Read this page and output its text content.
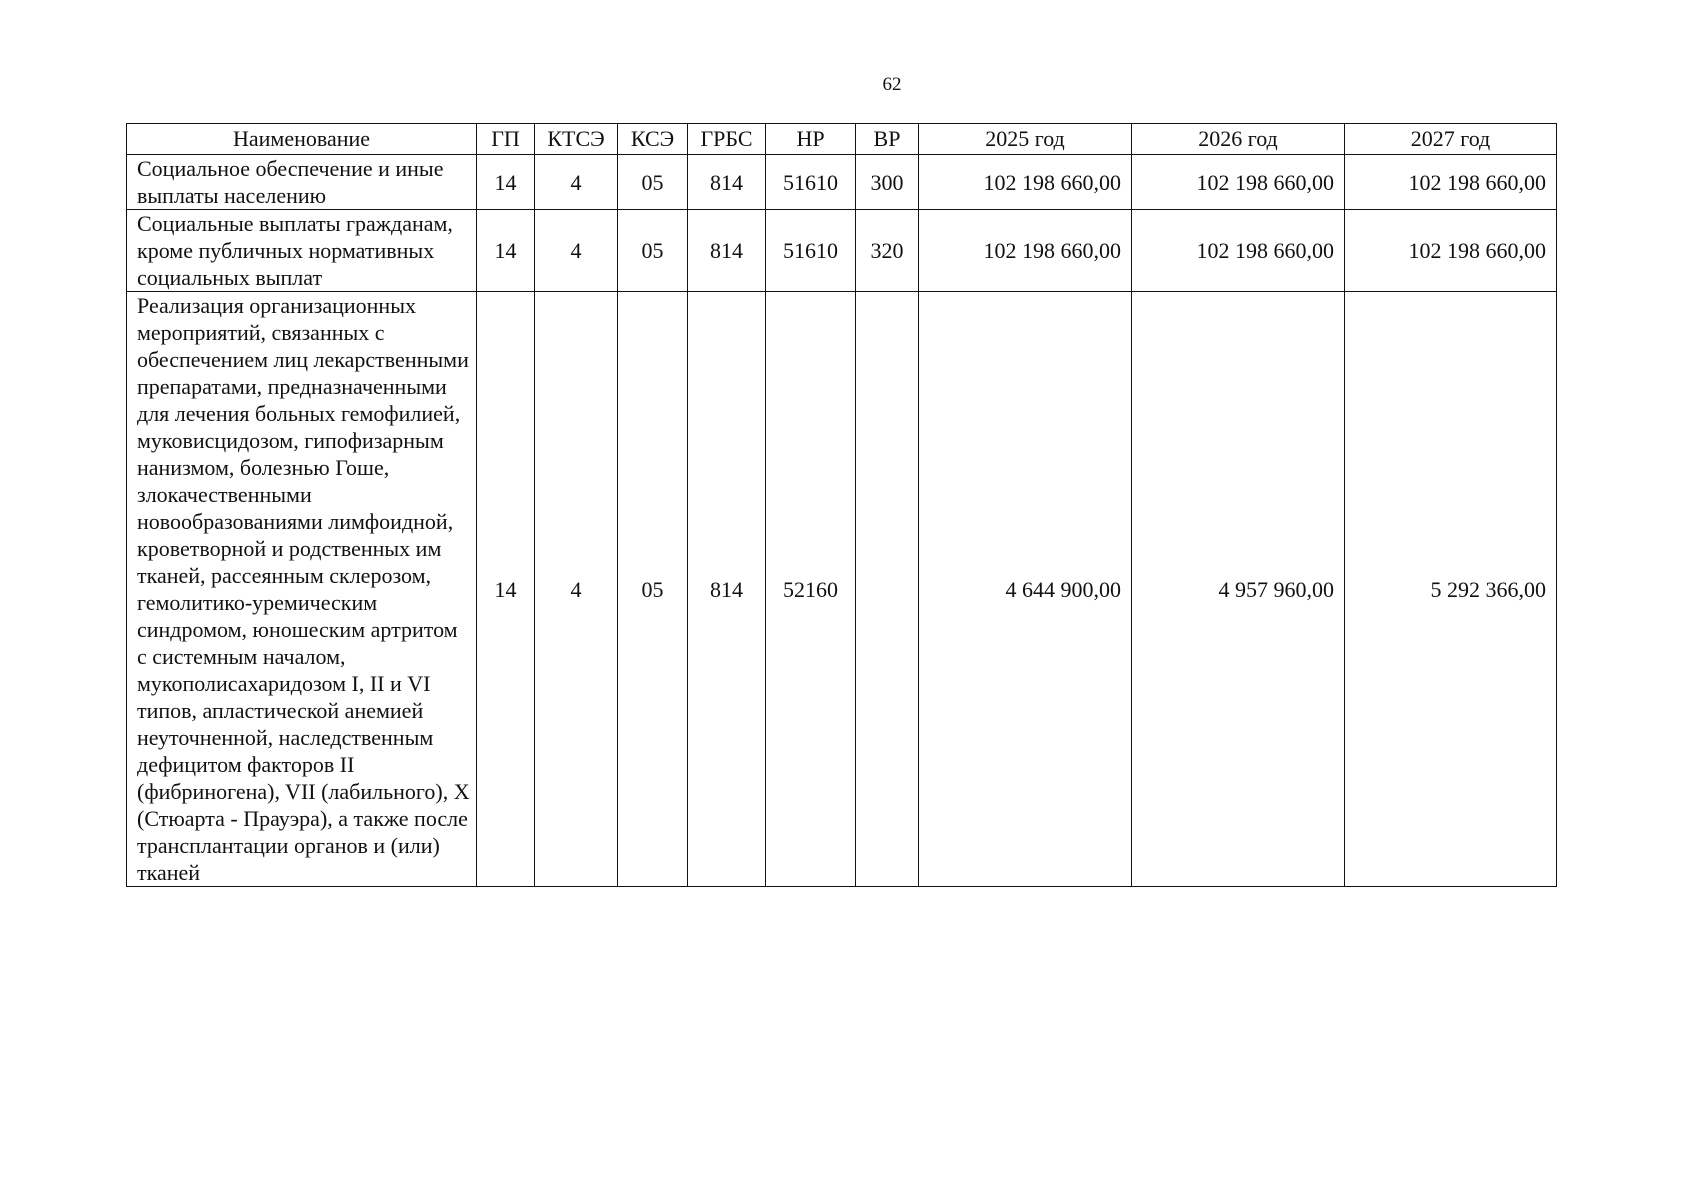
62
Наименование	ГП	КТСЭ	КСЭ	ГРБС	НР	ВР	2025 год	2026 год	2027 год
Социальное обеспечение и иные выплаты населению	14	4	05	814	51610	300	102 198 660,00	102 198 660,00	102 198 660,00
Социальные выплаты гражданам, кроме публичных нормативных социальных выплат	14	4	05	814	51610	320	102 198 660,00	102 198 660,00	102 198 660,00
Реализация организационных мероприятий, связанных с обеспечением лиц лекарственными препаратами, предназначенными для лечения больных гемофилией, муковисцидозом, гипофизарным нанизмом, болезнью Гоше, злокачественными новообразованиями лимфоидной, кроветворной и родственных им тканей, рассеянным склерозом, гемолитико-уремическим синдромом, юношеским артритом с системным началом, мукополисахаридозом I, II и VI типов, апластической анемией неуточненной, наследственным дефицитом факторов II (фибриногена), VII (лабильного), X (Стюарта - Прауэра), а также после трансплантации органов и (или) тканей	14	4	05	814	52160		4 644 900,00	4 957 960,00	5 292 366,00
